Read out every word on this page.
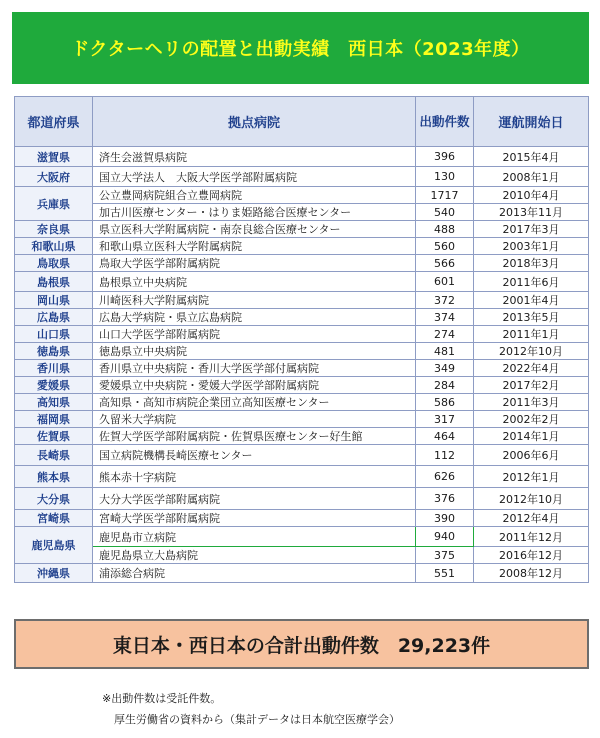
ドクターヘリの配置と出動実績　西日本（2023年度）
都道府県	拠点病院	出動件数	運航開始日
滋賀県	済生会滋賀県病院	396	2015年4月
大阪府	国立大学法人　大阪大学医学部附属病院	130	2008年1月
兵庫県	公立豊岡病院組合立豊岡病院	1717	2010年4月
	加古川医療センター・はりま姫路総合医療センター	540	2013年11月
奈良県	県立医科大学附属病院・南奈良総合医療センター	488	2017年3月
和歌山県	和歌山県立医科大学附属病院	560	2003年1月
鳥取県	鳥取大学医学部附属病院	566	2018年3月
島根県	島根県立中央病院	601	2011年6月
岡山県	川崎医科大学附属病院	372	2001年4月
広島県	広島大学病院・県立広島病院	374	2013年5月
山口県	山口大学医学部附属病院	274	2011年1月
徳島県	徳島県立中央病院	481	2012年10月
香川県	香川県立中央病院・香川大学医学部付属病院	349	2022年4月
愛媛県	愛媛県立中央病院・愛媛大学医学部附属病院	284	2017年2月
高知県	高知県・高知市病院企業団立高知医療センター	586	2011年3月
福岡県	久留米大学病院	317	2002年2月
佐賀県	佐賀大学医学部附属病院・佐賀県医療センター好生館	464	2014年1月
長崎県	国立病院機構長崎医療センター	112	2006年6月
熊本県	熊本赤十字病院	626	2012年1月
大分県	大分大学医学部附属病院	376	2012年10月
宮崎県	宮崎大学医学部附属病院	390	2012年4月
鹿児島県	鹿児島市立病院	940	2011年12月
	鹿児島県立大島病院	375	2016年12月
沖縄県	浦添総合病院	551	2008年12月
東日本・西日本の合計出動件数　29,223件
※出動件数は受託件数。
厚生労働省の資料から（集計データは日本航空医療学会）
